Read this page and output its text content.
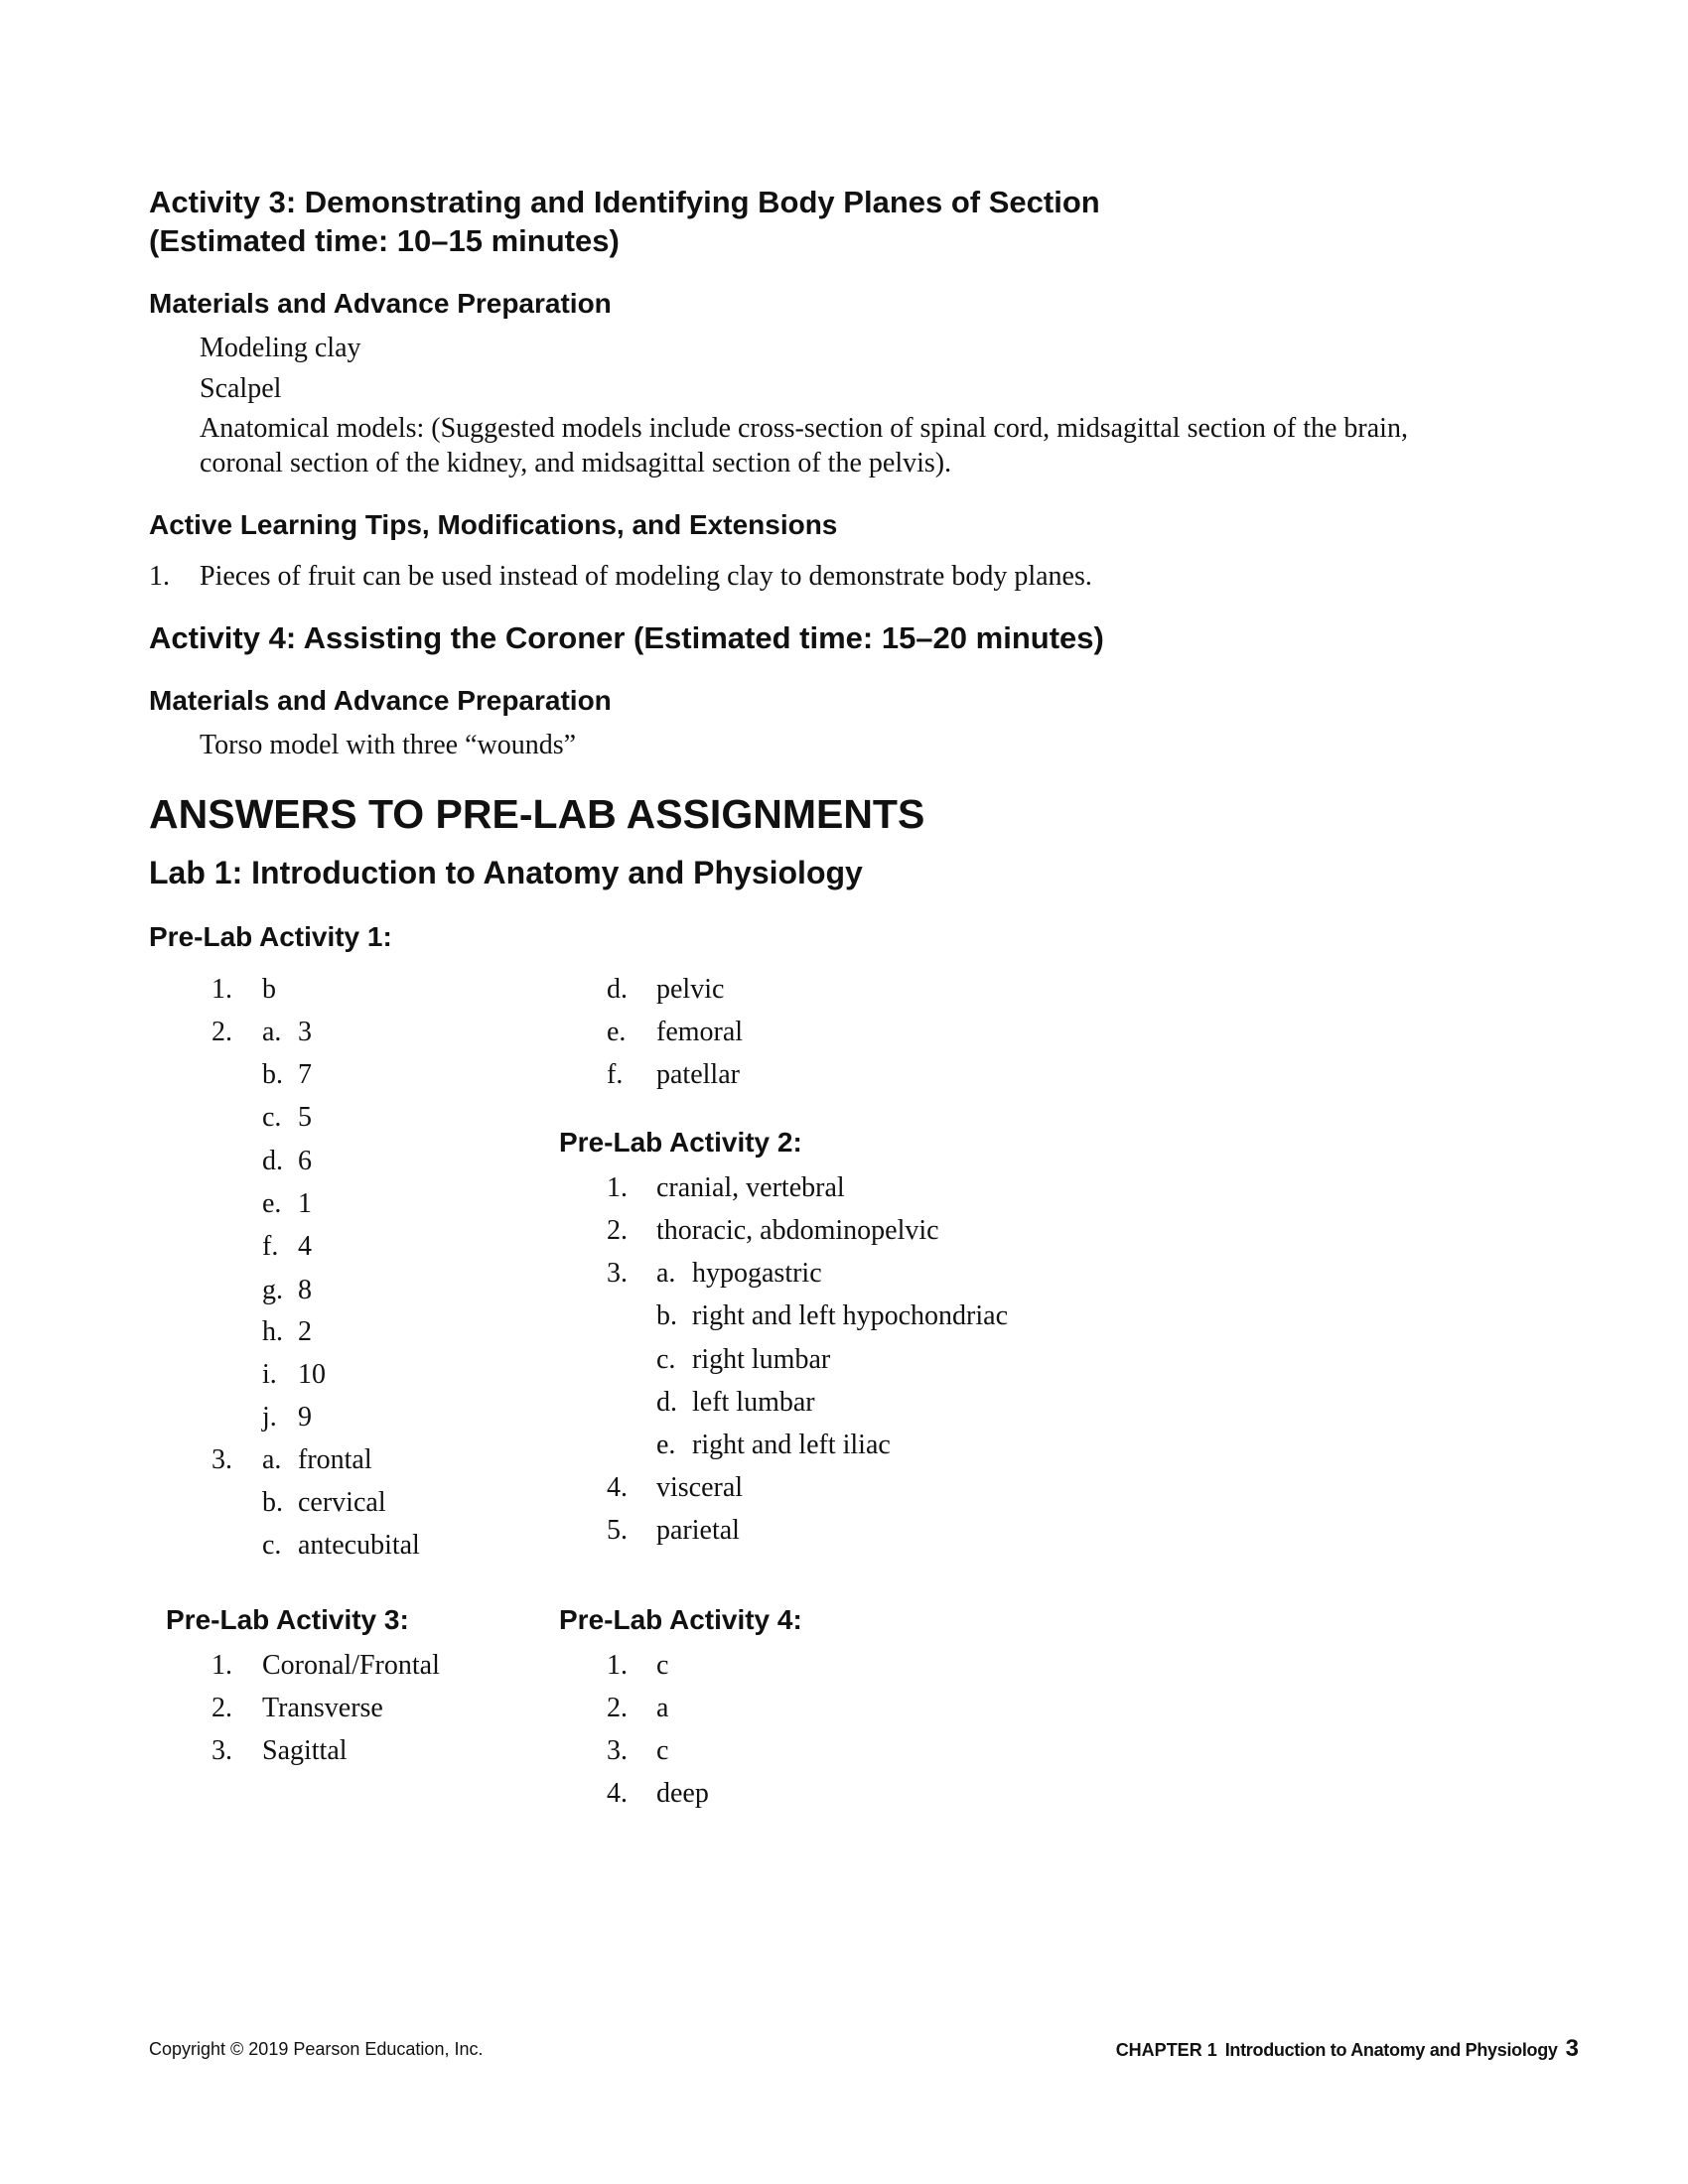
Activity 3: Demonstrating and Identifying Body Planes of Section
(Estimated time: 10–15 minutes)
Materials and Advance Preparation
Modeling clay
Scalpel
Anatomical models: (Suggested models include cross-section of spinal cord, midsagittal section of the brain,
coronal section of the kidney, and midsagittal section of the pelvis).
Active Learning Tips, Modifications, and Extensions
1. Pieces of fruit can be used instead of modeling clay to demonstrate body planes.
Activity 4: Assisting the Coroner (Estimated time: 15–20 minutes)
Materials and Advance Preparation
Torso model with three “wounds”
ANSWERS TO PRE-LAB ASSIGNMENTS
Lab 1: Introduction to Anatomy and Physiology
Pre-Lab Activity 1:
1. b
2. a. 3
b. 7
c. 5
d. 6
e. 1
f. 4
g. 8
h. 2
i. 10
j. 9
3. a. frontal
b. cervical
c. antecubital
d. pelvic
e. femoral
f. patellar
Pre-Lab Activity 2:
1. cranial, vertebral
2. thoracic, abdominopelvic
3. a. hypogastric
b. right and left hypochondriac
c. right lumbar
d. left lumbar
e. right and left iliac
4. visceral
5. parietal
Pre-Lab Activity 3:
1. Coronal/Frontal
2. Transverse
3. Sagittal
Pre-Lab Activity 4:
1. c
2. a
3. c
4. deep
Copyright © 2019 Pearson Education, Inc.	CHAPTER 1 Introduction to Anatomy and Physiology 3
